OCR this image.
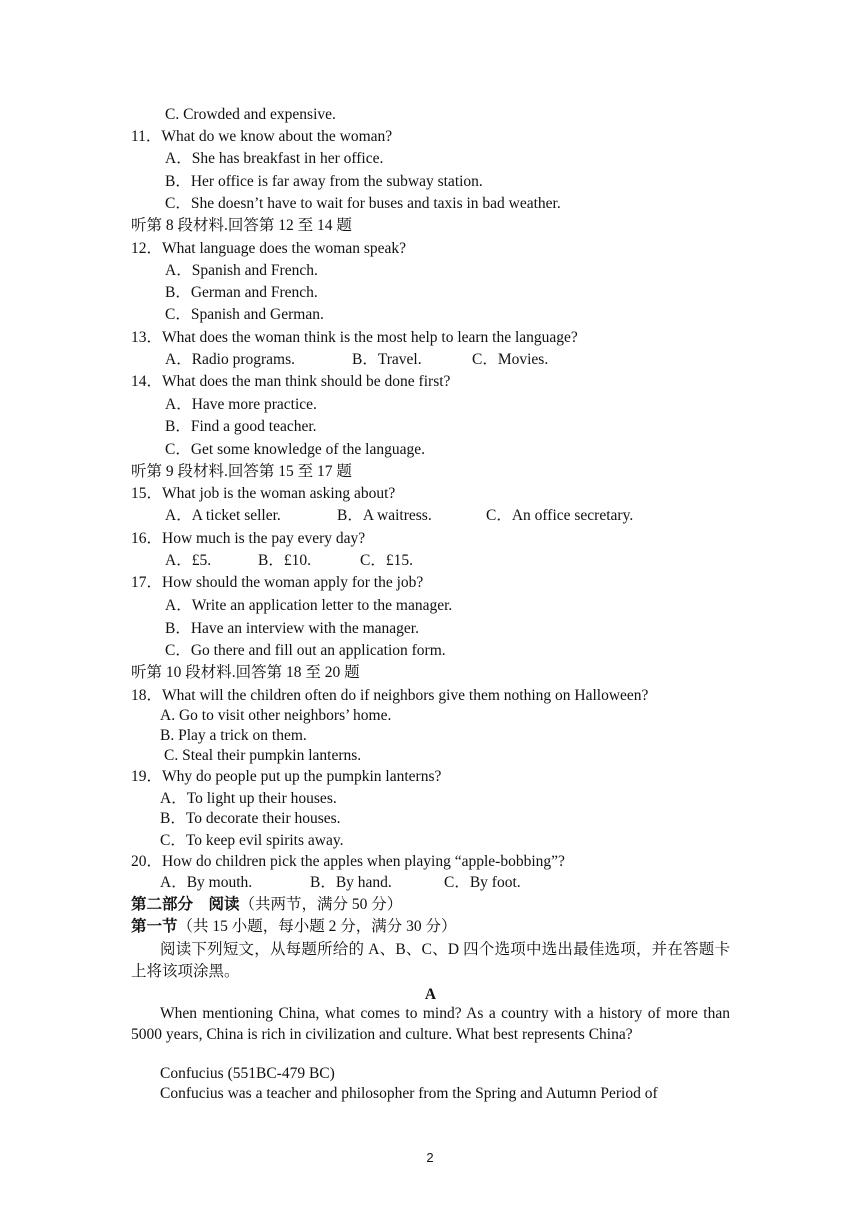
C. Crowded and expensive.
11．What do we know about the woman?
A．She has breakfast in her office.
B．Her office is far away from the subway station.
C．She doesn’t have to wait for buses and taxis in bad weather.
听第 8 段材料.回答第 12 至 14 题
12．What language does the woman speak?
A．Spanish and French.
B．German and French.
C．Spanish and German.
13．What does the woman think is the most help to learn the language?
A．Radio programs.	B．Travel.	C．Movies.
14．What does the man think should be done first?
A．Have more practice.
B．Find a good teacher.
C．Get some knowledge of the language.
听第 9 段材料.回答第 15 至 17 题
15．What job is the woman asking about?
A．A ticket seller.	B．A waitress.	C．An office secretary.
16．How much is the pay every day?
A．£5.	B．£10.	C．£15.
17．How should the woman apply for the job?
A．Write an application letter to the manager.
B．Have an interview with the manager.
C．Go there and fill out an application form.
听第 10 段材料.回答第 18 至 20 题
18．What will the children often do if neighbors give them nothing on Halloween?
A. Go to visit other neighbors’ home.
B. Play a trick on them.
C. Steal their pumpkin lanterns.
19．Why do people put up the pumpkin lanterns?
A．To light up their houses.
B．To decorate their houses.
C．To keep evil spirits away.
20．How do children pick the apples when playing “apple-bobbing”?
A．By mouth.	B．By hand.	C．By foot.
第二部分　阅读（共两节，满分 50 分）
第一节（共 15 小题，每小题 2 分，满分 30 分）
阅读下列短文，从每题所给的 A、B、C、D 四个选项中选出最佳选项，并在答题卡上将该项涂黑。
A
When mentioning China, what comes to mind? As a country with a history of more than 5000 years, China is rich in civilization and culture. What best represents China?
Confucius (551BC-479 BC)
Confucius was a teacher and philosopher from the Spring and Autumn Period of
2
